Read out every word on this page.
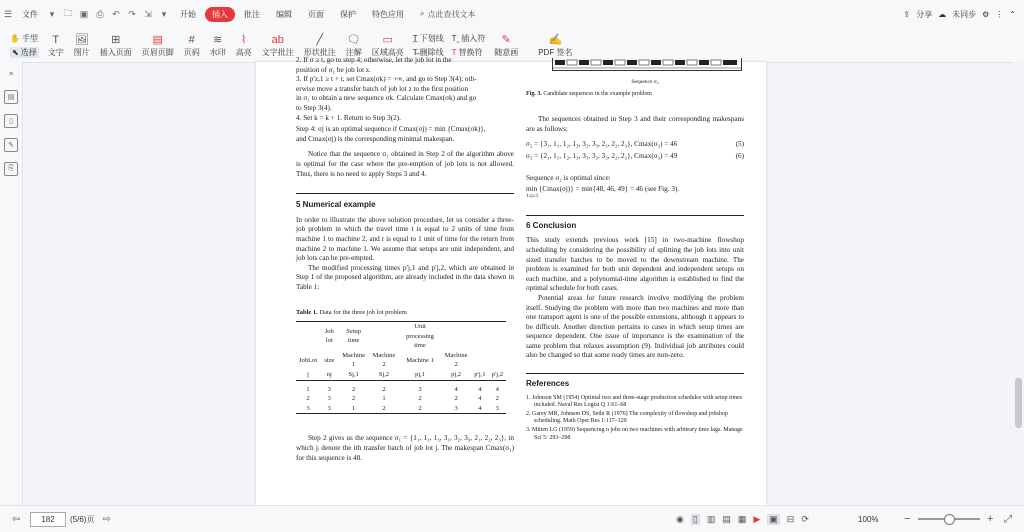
☰	文件	▾	🗀 ▣ ⎙ ↶ ↷ ⇲	▾	开始	插入	批注	编辑	页面	保护	特色应用	⌕ 点此查找文本	⇪ 分享 ☁ 未同步 ⚙ ⋮ ⌃
✋ 手型
⬉ 选择
T
文字
🖼
图片
⊞
插入页面
▤
页眉页脚
#
页码
≋
水印
⌇
高亮
ab
文字批注
╱
形状批注
🗨
注解
▭
区域高亮
T̲ 下划线
T̶ 删除线
T‸ 插入符
T 替换符
✎
随意画
✍
PDF 签名
≡
▤
▯
✎
⎘

2. If σ ≥ t, go to step 4; otherwise, let the job lot in the

position of σ₁ be job lot z.

3. If p′z,1 ≥ t + r, set Cmax(σk) = +∞, and go to Step 3(4); oth-

erwise move a transfer batch of job lot z to the first position

in σ₁ to obtain a new sequence σk. Calculate Cmax(σk) and go

to Step 3(4).

4. Set k = k + 1. Return to Step 3(2).

Step 4: σj is an optimal sequence if Cmax(σj) = min {Cmax(σk)},

and Cmax(σj) is the corresponding minimal makespan.

Notice that the sequence σ₁ obtained in Step 2 of the algorithm above is optimal for the case where the pre-emption of job lots is not allowed. Thus, there is no need to apply Steps 3 and 4.

5 Numerical example

In order to illustrate the above solution procedure, let us consider a three-job problem in which the travel time t is equal to 2 units of time from machine 1 to machine 2, and r is equal to 1 unit of time for the return from machine 2 to machine 1. We assume that setups are unit independent, and job lots can be pre-empted.

The modified processing times p′j,1 and p′j,2, which are obtained in Step 1 of the proposed algorithm, are already included in the data shown in Table 1:

Table 1. Data for the three job lot problem

	Job lot	Setup time		Unit processing time			
JobLot	size	Machine 1	Machine 2	Machine 1	Machine 2		
j	nj	Sj,1	Sj,2	pj,1	pj,2	p′j,1	p′j,2
1	3	2	2	3	4	4	4
2	3	2	1	2	2	4	2
3	3	1	2	2	3	4	3

Step 2 gives us the sequence σ₁ = {1₁, 1₂, 1₃, 3₁, 3₂, 3₃, 2₁, 2₂, 2₃}, in which jᵢ denote the ith transfer batch of job lot j. The makespan Cmax(σ₁) for this sequence is 48.

Sequence σ₂

Fig. 3. Candidate sequences in the example problem

The sequences obtained in Step 3 and their corresponding makespans are as follows:

σ₂ = {3₁, 1₁, 1₂, 1₃, 3₂, 3₃, 2₁, 2₂, 2₃}, Cmax(σ₂) = 46	(5)
σ₃ = {2₁, 1₁, 1₂, 1₃, 3₁, 3₂, 3₃, 2₂, 2₃}, Cmax(σ₃) = 49	(6)

Sequence σ₂ is optimal since:

min {Cmax(σj)} = min{48, 46, 49} = 46 (see Fig. 3).

1≤j≤3

6 Conclusion

This study extends previous work [15] in two-machine flowshop scheduling by considering the possibility of splitting the job lots into unit sized transfer batches to be moved to the downstream machine. The problem is examined for both unit dependent and independent setups on each machine, and a polynomial-time algorithm is established to find the optimal schedule for both cases.

Potential areas for future research involve modifying the problem itself. Studying the problem with more than two machines and more than one transport agent is one of the possible extensions, although it appears to be difficult. Another direction pertains to cases in which setup times are sequence dependent. One issue of importance is the examination of the same problem that relaxes assumption (9). Individual job attributes could also be changed so that some ready times are non-zero.

References

1. Johnson SM (1954) Optimal two and three-stage production schedules with setup times included. Naval Res Logist Q 1:61–68

2. Garey MR, Johnson DS, Sethi R (1976) The complexity of flowshop and jobshop scheduling. Math Oper Res 1:117–129

3. Mitten LG (1959) Sequencing n jobs on two machines with arbitrary time lags. Manage Sci 5: 293–298

⇦	182 (5/6)页 ⇨	◉ ▯ ▥ ▤ ▦ ▶ ▣ ⊟ ⟳	100% −	+ ⤢
